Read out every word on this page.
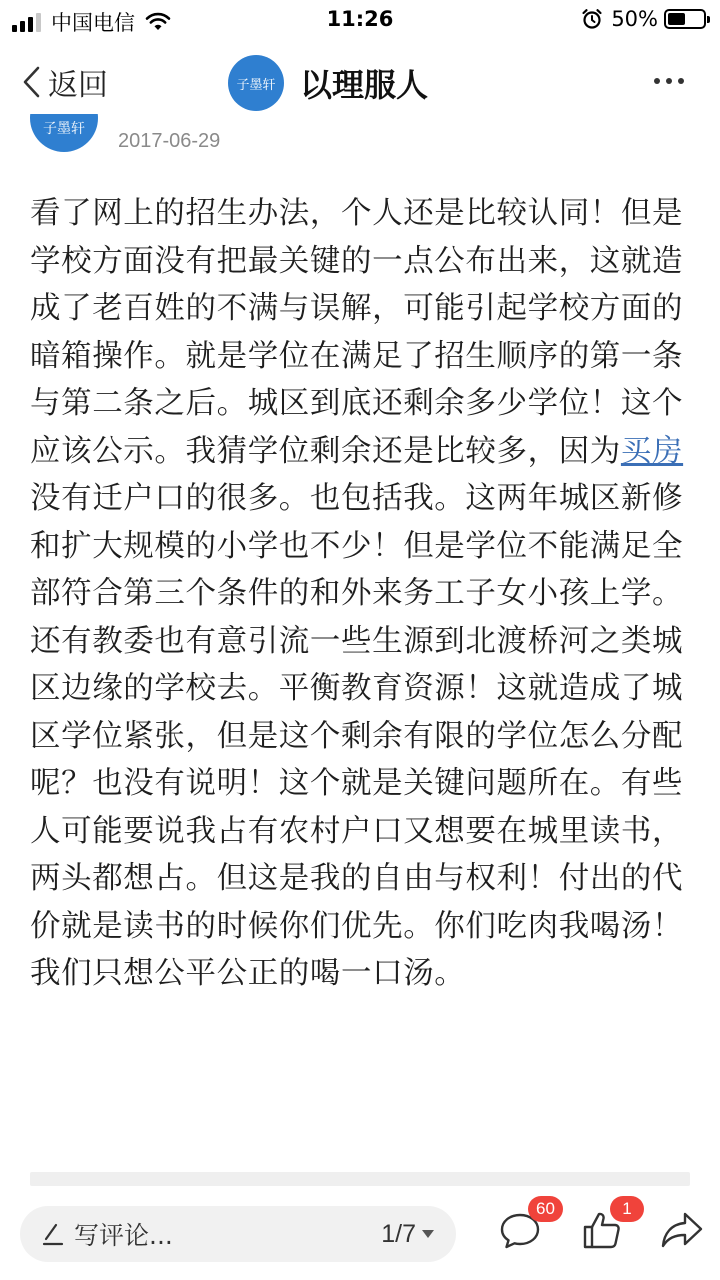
中国电信	11:26	50%
返回	子墨轩 以理服人
子墨轩
2017-06-29

看了网上的招生办法，个人还是比较认同！但是学校方面没有把最关键的一点公布出来，这就造成了老百姓的不满与误解，可能引起学校方面的暗箱操作。就是学位在满足了招生顺序的第一条与第二条之后。城区到底还剩余多少学位！这个应该公示。我猜学位剩余还是比较多，因为买房没有迁户口的很多。也包括我。这两年城区新修和扩大规模的小学也不少！但是学位不能满足全部符合第三个条件的和外来务工子女小孩上学。还有教委也有意引流一些生源到北渡桥河之类城区边缘的学校去。平衡教育资源！这就造成了城区学位紧张，但是这个剩余有限的学位怎么分配呢？也没有说明！这个就是关键问题所在。有些人可能要说我占有农村户口又想要在城里读书，两头都想占。但这是我的自由与权利！付出的代价就是读书的时候你们优先。你们吃肉我喝汤！我们只想公平公正的喝一口汤。

写评论...	1/7
60	1
